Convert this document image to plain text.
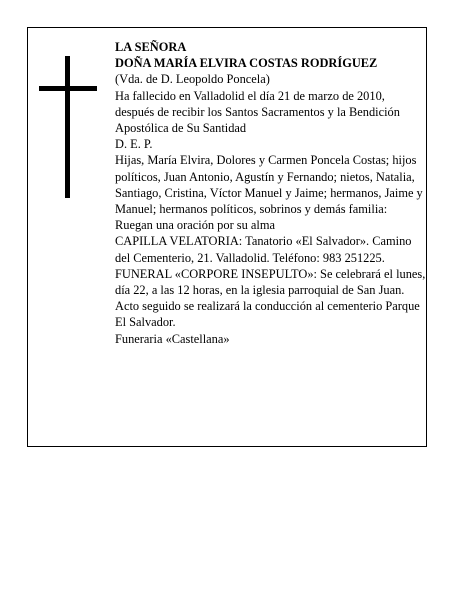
LA SEÑORA

DOÑA MARÍA ELVIRA COSTAS RODRÍGUEZ

(Vda. de D. Leopoldo Poncela)

Ha fallecido en Valladolid el día 21 de marzo de 2010, después de recibir los Santos Sacramentos y la Bendición Apostólica de Su Santidad

D. E. P.

Hijas, María Elvira, Dolores y Carmen Poncela Costas; hijos políticos, Juan Antonio, Agustín y Fernando; nietos, Natalia, Santiago, Cristina, Víctor Manuel y Jaime; hermanos, Jaime y Manuel; hermanos políticos, sobrinos y demás familia:

Ruegan una oración por su alma

CAPILLA VELATORIA: Tanatorio «El Salvador». Camino del Cementerio, 21. Valladolid. Teléfono: 983 251225.

FUNERAL «CORPORE INSEPULTO»: Se celebrará el lunes, día 22, a las 12 horas, en la iglesia parroquial de San Juan. Acto seguido se realizará la conducción al cementerio Parque El Salvador.

Funeraria «Castellana»
